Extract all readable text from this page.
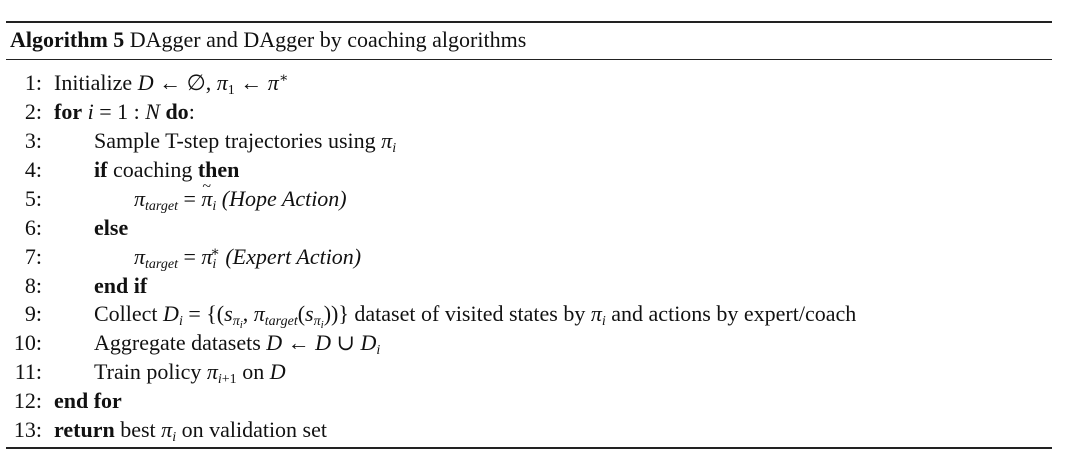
Algorithm 5 DAgger and DAgger by coaching algorithms
1: Initialize D ← ∅, $\pi_1$ ← π∗
2: for i = 1 : N do:
3: Sample T-step trajectories using $\pi_i$
4: if coaching then
5:	$\pi_{target}$ = ~ $\pi_i$ (Hope Action)
6: else
7:	$\pi_{target} = \pi_i^∗$ (Expert Action)
8: end if
9: Collect $D_i = \{(s_{\pi_i}$, $\pi_{target}(s_{\pi_i})$)} dataset of visited states by $\pi_i$ and actions by expert/coach
10: Aggregate datasets D ← D ∪ $D_i$
11: Train policy $\pi_{i+1}$ on D
12: end for
13: return best $\pi_i$ on validation set
